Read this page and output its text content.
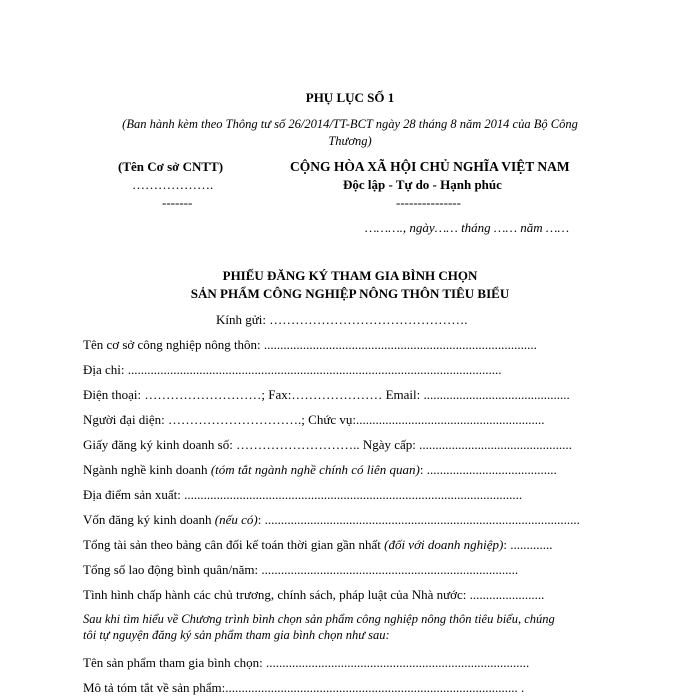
PHỤ LỤC SỐ 1
(Ban hành kèm theo Thông tư số 26/2014/TT-BCT ngày 28 tháng 8 năm 2014 của Bộ Công
Thương)
(Tên Cơ sở CNTT)
……………….
-------
CỘNG HÒA XÃ HỘI CHỦ NGHĨA VIỆT NAM
Độc lập - Tự do - Hạnh phúc
---------------
………., ngày…… tháng …… năm ……
PHIẾU ĐĂNG KÝ THAM GIA BÌNH CHỌN
SẢN PHẨM CÔNG NGHIỆP NÔNG THÔN TIÊU BIỂU
Kính gửi: ……………………………………….
Tên cơ sở công nghiệp nông thôn: ....................................................................................
Địa chỉ: ...................................................................................................................
Điện thoại: ………………………; Fax:………………… Email: .............................................
Người đại diện: ………………………….; Chức vụ:..........................................................
Giấy đăng ký kinh doanh số: ……………………….. Ngày cấp: ...............................................
Ngành nghề kinh doanh (tóm tắt ngành nghề chính có liên quan): ........................................
Địa điểm sản xuất: ........................................................................................................
Vốn đăng ký kinh doanh (nếu có): .................................................................................................
Tổng tài sản theo bảng cân đối kế toán thời gian gần nhất (đối với doanh nghiệp): .............
Tổng số lao động bình quân/năm: ...............................................................................
Tình hình chấp hành các chủ trương, chính sách, pháp luật của Nhà nước: .......................
Sau khi tìm hiểu về Chương trình bình chọn sản phẩm công nghiệp nông thôn tiêu biểu, chúng
tôi tự nguyện đăng ký sản phẩm tham gia bình chọn như sau:
Tên sản phẩm tham gia bình chọn: .................................................................................
Mô tả tóm tắt về sản phẩm:.......................................................................................... .
